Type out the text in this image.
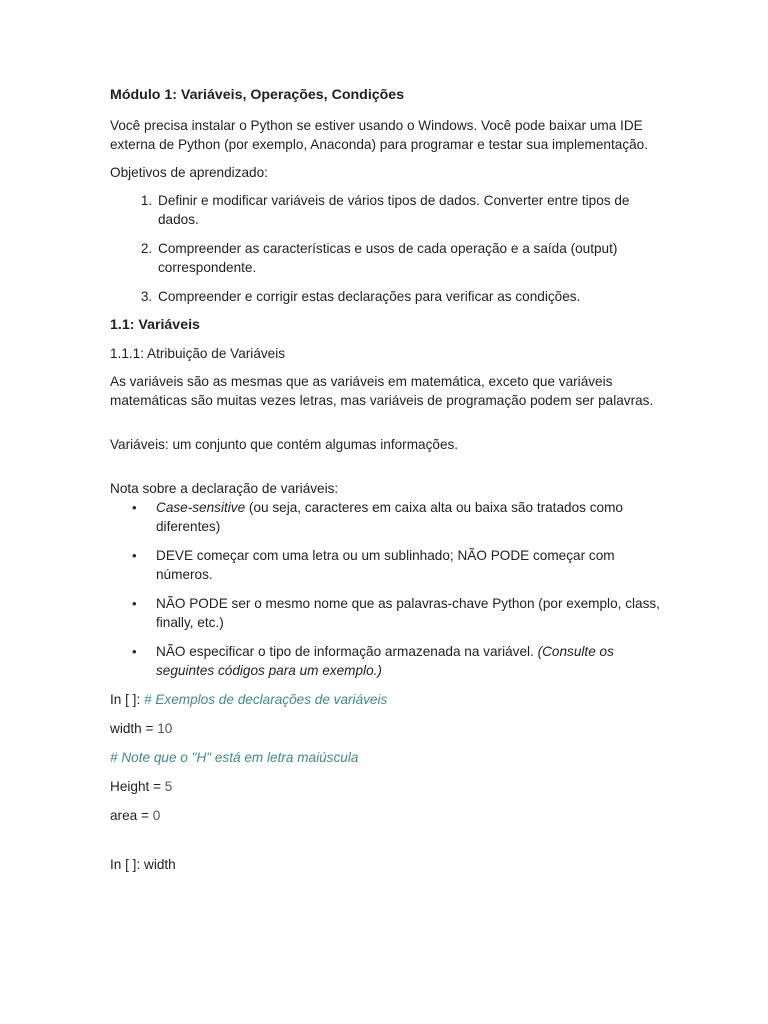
Módulo 1: Variáveis, Operações, Condições
Você precisa instalar o Python se estiver usando o Windows. Você pode baixar uma IDE externa de Python (por exemplo, Anaconda) para programar e testar sua implementação.
Objetivos de aprendizado:
1. Definir e modificar variáveis de vários tipos de dados. Converter entre tipos de dados.
2. Compreender as características e usos de cada operação e a saída (output) correspondente.
3. Compreender e corrigir estas declarações para verificar as condições.
1.1: Variáveis
1.1.1: Atribuição de Variáveis
As variáveis são as mesmas que as variáveis em matemática, exceto que variáveis matemáticas são muitas vezes letras, mas variáveis de programação podem ser palavras.
Variáveis: um conjunto que contém algumas informações.
Nota sobre a declaração de variáveis:
• Case-sensitive (ou seja, caracteres em caixa alta ou baixa são tratados como diferentes)
• DEVE começar com uma letra ou um sublinhado; NÃO PODE começar com números.
• NÃO PODE ser o mesmo nome que as palavras-chave Python (por exemplo, class, finally, etc.)
• NÃO especificar o tipo de informação armazenada na variável. (Consulte os seguintes códigos para um exemplo.)
In [ ]: # Exemplos de declarações de variáveis
width = 10
# Note que o "H" está em letra maiúscula
Height = 5
area = 0
In [ ]: width
